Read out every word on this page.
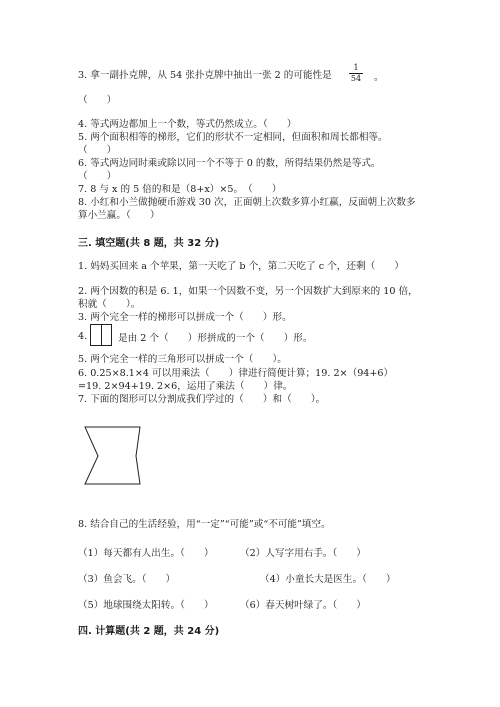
3. 拿一副扑克牌，从 54 张扑克牌中抽出一张 2 的可能性是 $\frac{1}{54}$ 。
（　　）
4. 等式两边都加上一个数，等式仍然成立。（　　）
5. 两个面积相等的梯形，它们的形状不一定相同，但面积和周长都相等。
（　　）
6. 等式两边同时乘或除以同一个不等于 0 的数，所得结果仍然是等式。
（　　）
7. 8 与 x 的 5 倍的和是（8+x）×5。　（　　）
8. 小红和小兰做抛硬币游戏 30 次，正面朝上次数多算小红赢，反面朝上次数多
算小兰赢。（　　）
三. 填空题(共 8 题，共 32 分)
1. 妈妈买回来 a 个苹果，第一天吃了 b 个，第二天吃了 c 个，还剩（　　）
2. 两个因数的积是 6. 1，如果一个因数不变，另一个因数扩大到原来的 10 倍，
积就（　　）。
3. 两个完全一样的梯形可以拼成一个（　　）形。
4.	是由 2 个（　　）形拼成的一个（　　）形。
5. 两个完全一样的三角形可以拼成一个（　　）。
6. 0.25×8.1×4 可以用乘法（　　）律进行简便计算；19. 2×（94+6）
=19. 2×94+19. 2×6，运用了乘法（　　）律。
7. 下面的图形可以分割成我们学过的（　　）和（　　）。
8. 结合自己的生活经验，用“一定”“可能”或“不可能”填空。
（1）每天都有人出生。（　　）	（2）人写字用右手。（　　）
（3）鱼会飞。（　　）	（4）小童长大是医生。（　　）
（5）地球围绕太阳转。（　　）	（6）春天树叶绿了。（　　）
四. 计算题(共 2 题，共 24 分)
